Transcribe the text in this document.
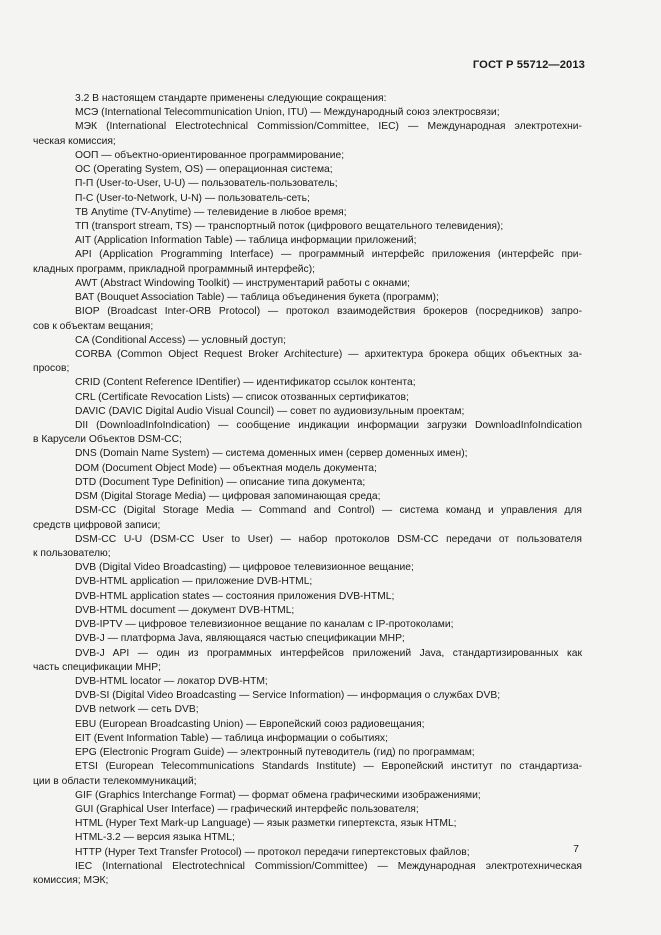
ГОСТ Р 55712—2013
3.2 В настоящем стандарте применены следующие сокращения:
МСЭ (International Telecommunication Union, ITU) — Международный союз электросвязи;
МЭК (International Electrotechnical Commission/Committee, IEC) — Международная электротехни-
ческая комиссия;
ООП — объектно-ориентированное программирование;
ОС (Operating System, OS) — операционная система;
П-П (User-to-User, U-U) — пользователь-пользователь;
П-С (User-to-Network, U-N) — пользователь-сеть;
ТВ Anytime (TV-Anytime) — телевидение в любое время;
ТП (transport stream, TS) — транспортный поток (цифрового вещательного телевидения);
AIT (Application Information Table) — таблица информации приложений;
API (Application Programming Interface) — программный интерфейс приложения (интерфейс при-
кладных программ, прикладной программный интерфейс);
AWT (Abstract Windowing Toolkit) — инструментарий работы с окнами;
BAT (Bouquet Association Table) — таблица объединения букета (программ);
BIOP (Broadcast Inter-ORB Protocol) — протокол взаимодействия брокеров (посредников) запро-
сов к объектам вещания;
CA (Conditional Access) — условный доступ;
CORBA (Common Object Request Broker Architecture) — архитектура брокера общих объектных за-
просов;
CRID (Content Reference IDentifier) — идентификатор ссылок контента;
CRL (Certificate Revocation Lists) — список отозванных сертификатов;
DAVIC (DAVIC Digital Audio Visual Council) — совет по аудиовизульным проектам;
DII (DownloadInfoIndication) — сообщение индикации информации загрузки DownloadInfoIndication
в Карусели Объектов DSM-CC;
DNS (Domain Name System) — система доменных имен (сервер доменных имен);
DOM (Document Object Mode) — объектная модель документа;
DTD (Document Type Definition) — описание типа документа;
DSM (Digital Storage Media) — цифровая запоминающая среда;
DSM-CC (Digital Storage Media — Command and Control) — система команд и управления для
средств цифровой записи;
DSM-CC U-U (DSM-CC User to User) — набор протоколов DSM-CC передачи от пользователя
к пользователю;
DVB (Digital Video Broadcasting) — цифровое телевизионное вещание;
DVB-HTML application — приложение DVB-HTML;
DVB-HTML application states — состояния приложения DVB-HTML;
DVB-HTML document — документ DVB-HTML;
DVB-IPTV — цифровое телевизионное вещание по каналам с IP-протоколами;
DVB-J — платформа Java, являющаяся частью спецификации MHP;
DVB-J API — один из программных интерфейсов приложений Java, стандартизированных как
часть спецификации MHP;
DVB-HTML locator — локатор DVB-HTM;
DVB-SI (Digital Video Broadcasting — Service Information) — информация о службах DVB;
DVB network — сеть DVB;
EBU (European Broadcasting Union) — Европейский союз радиовещания;
EIT (Event Information Table) — таблица информации о событиях;
EPG (Electronic Program Guide) — электронный путеводитель (гид) по программам;
ETSI (European Telecommunications Standards Institute) — Европейский институт по стандартиза-
ции в области телекоммуникаций;
GIF (Graphics Interchange Format) — формат обмена графическими изображениями;
GUI (Graphical User Interface) — графический интерфейс пользователя;
HTML (Hyper Text Mark-up Language) — язык разметки гипертекста, язык HTML;
HTML-3.2 — версия языка HTML;
HTTP (Hyper Text Transfer Protocol) — протокол передачи гипертекстовых файлов;
IEC (International Electrotechnical Commission/Committee) — Международная электротехническая
комиссия; МЭК;
7
